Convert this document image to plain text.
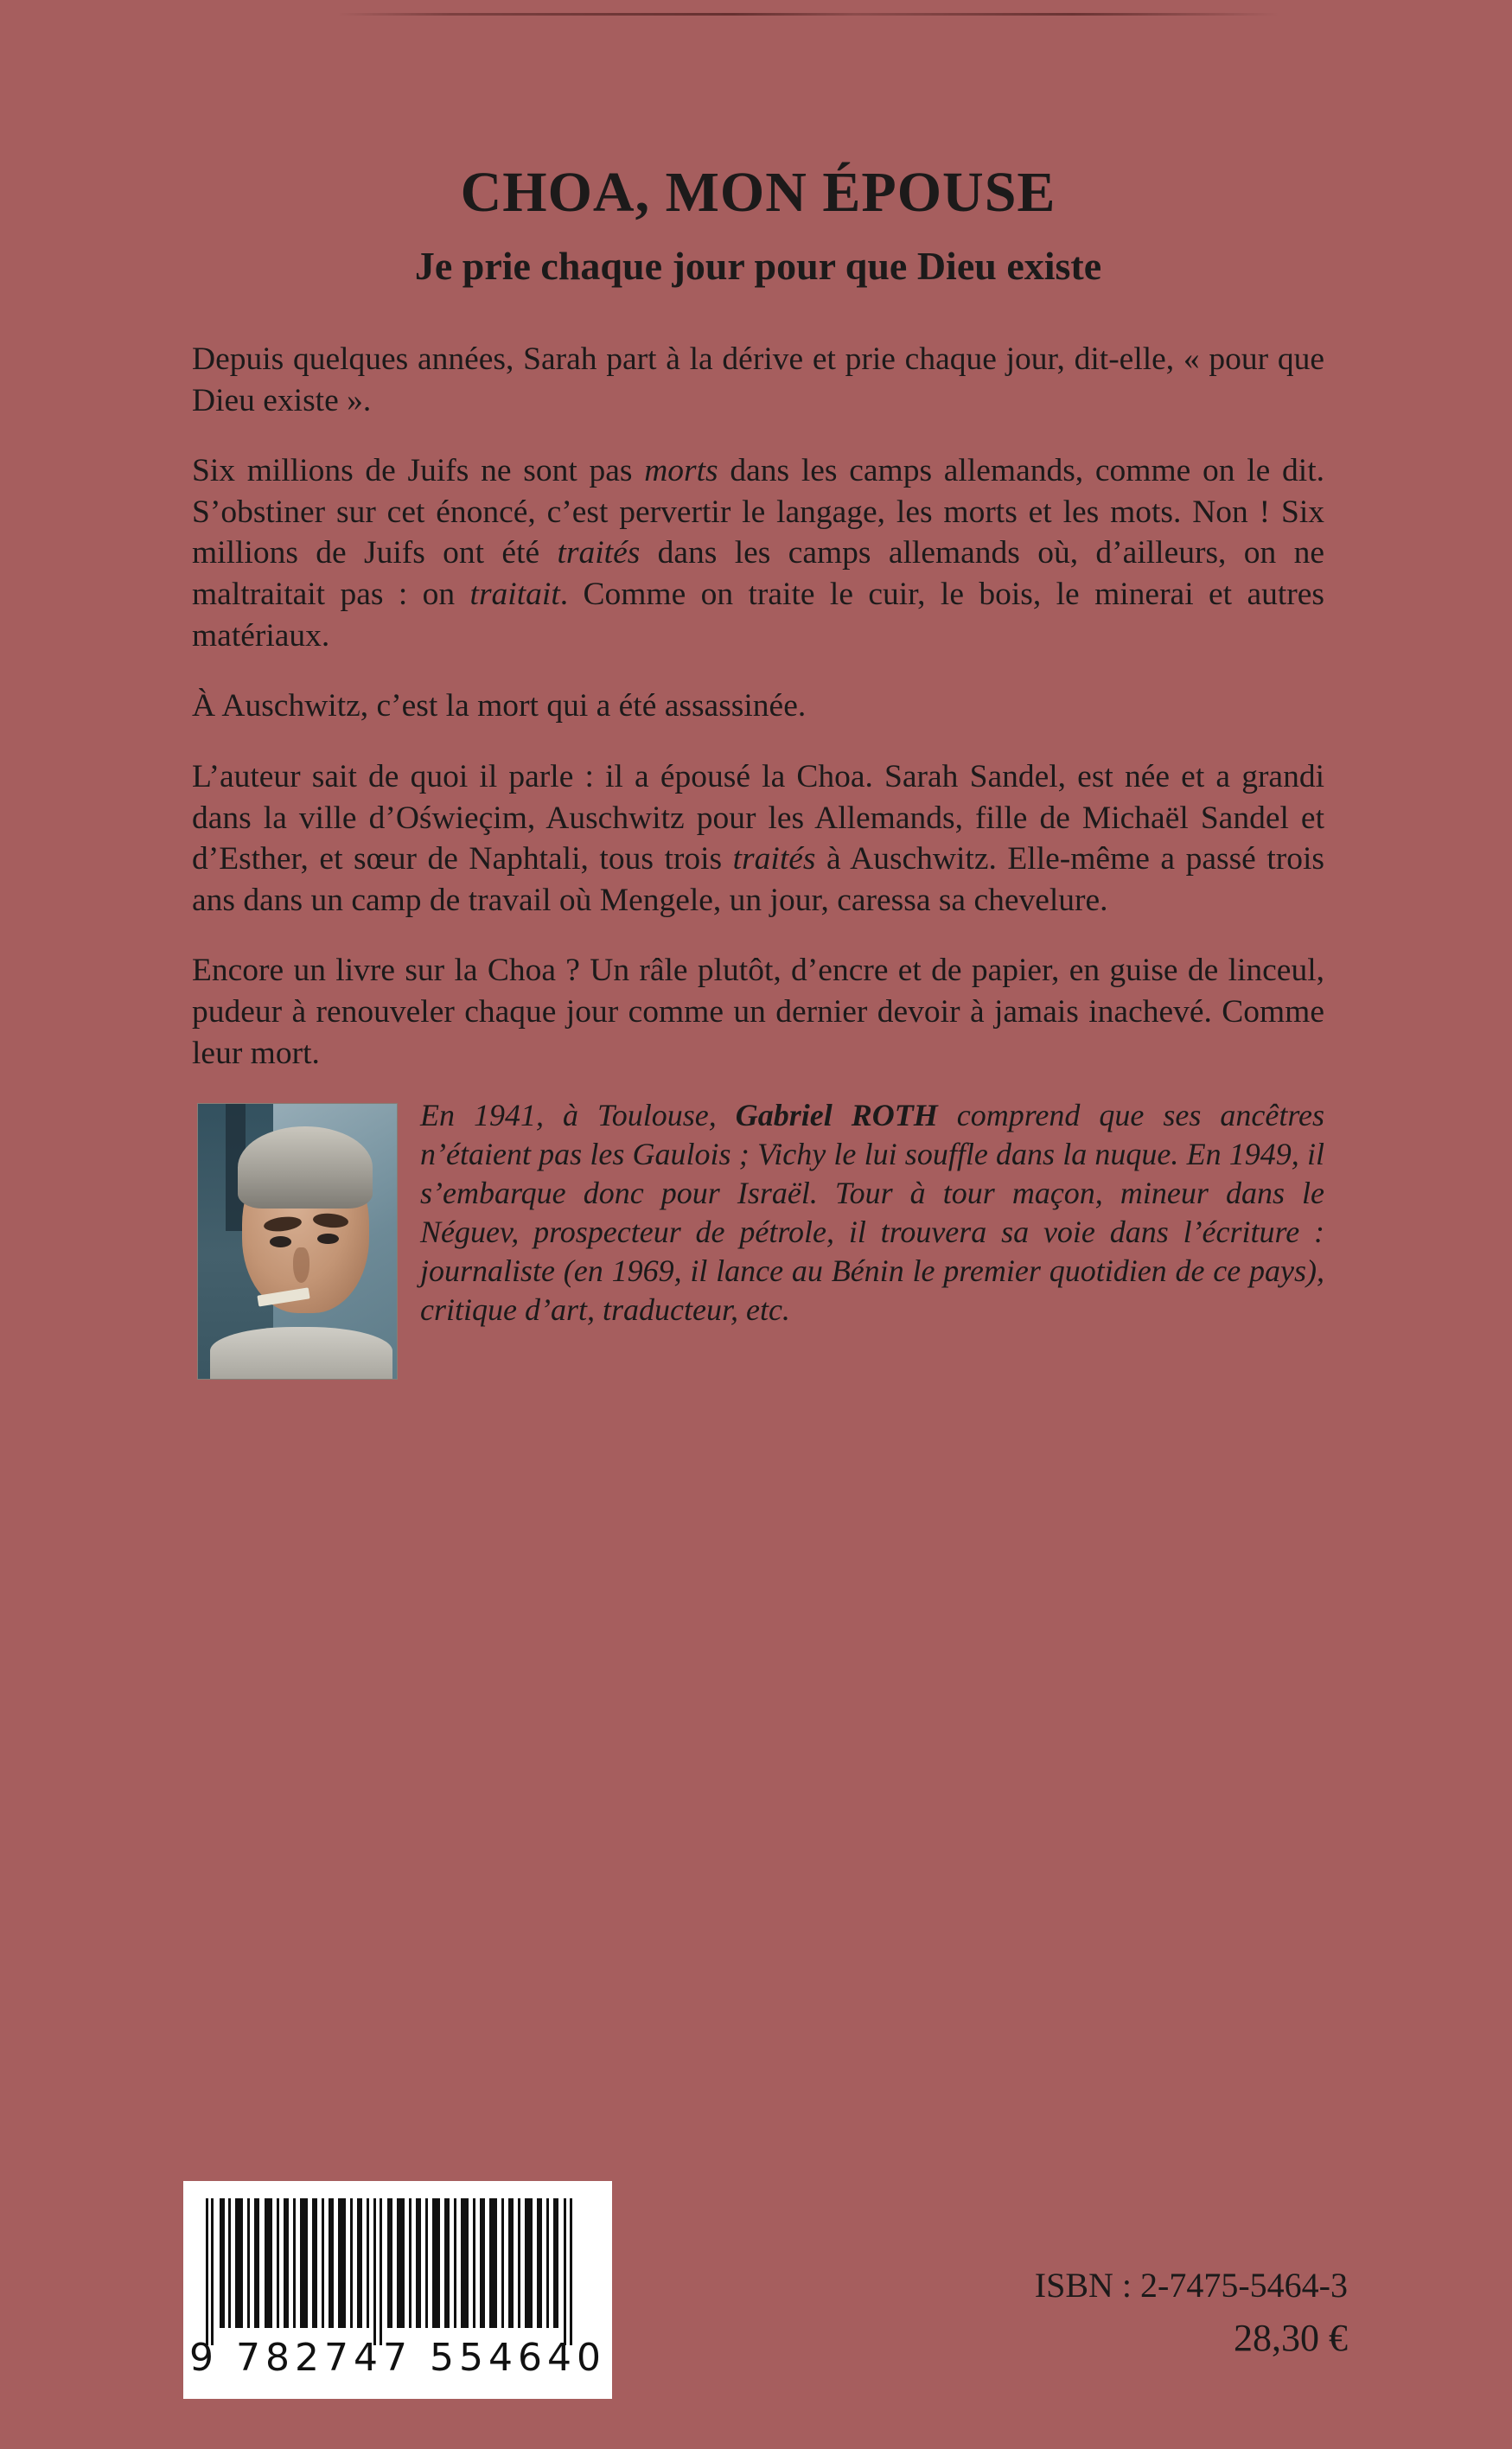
CHOA, MON ÉPOUSE
Je prie chaque jour pour que Dieu existe

Depuis quelques années, Sarah part à la dérive et prie chaque jour, dit-elle, « pour que Dieu existe ».

Six millions de Juifs ne sont pas morts dans les camps allemands, comme on le dit. S’obstiner sur cet énoncé, c’est pervertir le langage, les morts et les mots. Non ! Six millions de Juifs ont été traités dans les camps allemands où, d’ailleurs, on ne maltraitait pas : on traitait. Comme on traite le cuir, le bois, le minerai et autres matériaux.

À Auschwitz, c’est la mort qui a été assassinée.

L’auteur sait de quoi il parle : il a épousé la Choa. Sarah Sandel, est née et a grandi dans la ville d’Oświeçim, Auschwitz pour les Allemands, fille de Michaël Sandel et d’Esther, et sœur de Naphtali, tous trois traités à Auschwitz. Elle-même a passé trois ans dans un camp de travail où Mengele, un jour, caressa sa chevelure.

Encore un livre sur la Choa ? Un râle plutôt, d’encre et de papier, en guise de linceul, pudeur à renouveler chaque jour comme un dernier devoir à jamais inachevé. Comme leur mort.

En 1941, à Toulouse, Gabriel ROTH comprend que ses ancêtres n’étaient pas les Gaulois ; Vichy le lui souffle dans la nuque. En 1949, il s’embarque donc pour Israël. Tour à tour maçon, mineur dans le Néguev, prospecteur de pétrole, il trouvera sa voie dans l’écriture : journaliste (en 1969, il lance au Bénin le premier quotidien de ce pays), critique d’art, traducteur, etc.

9 782747 554640
ISBN : 2-7475-5464-3
28,30 €
